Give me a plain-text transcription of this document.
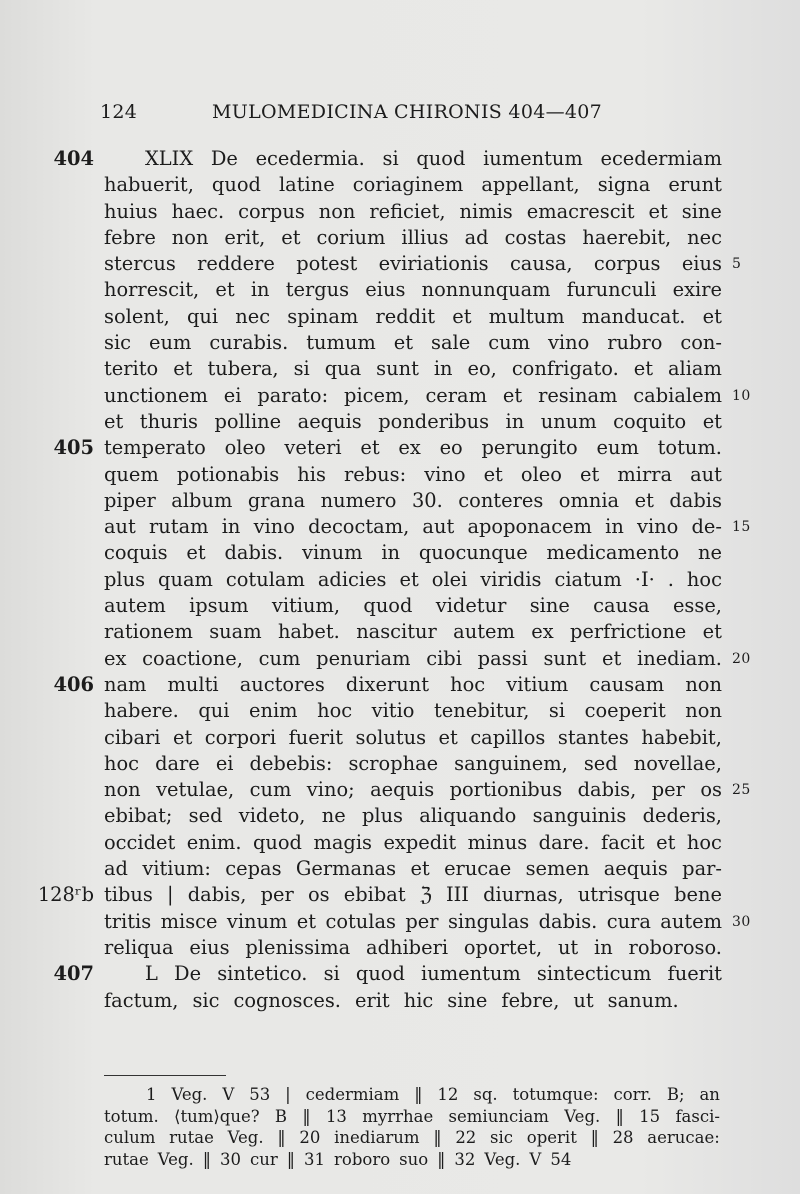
124	MULOMEDICINA CHIRONIS 404—407
404	XLIX De ecedermia. si quod iumentum ecedermiam
habuerit, quod latine coriaginem appellant, signa erunt
huius haec. corpus non reficiet, nimis emacrescit et sine
febre non erit, et corium illius ad costas haerebit, nec
stercus reddere potest eviriationis causa, corpus eius 5
horrescit, et in tergus eius nonnunquam furunculi exire
solent, qui nec spinam reddit et multum manducat. et
sic eum curabis. tumum et sale cum vino rubro con-
terito et tubera, si qua sunt in eo, confrigato. et aliam
unctionem ei parato: picem, ceram et resinam cabialem 10
et thuris polline aequis ponderibus in unum coquito et
405 temperato oleo veteri et ex eo perungito eum totum.
quem potionabis his rebus: vino et oleo et mirra aut
piper album grana numero 30. conteres omnia et dabis
aut rutam in vino decoctam, aut apoponacem in vino de- 15
coquis et dabis. vinum in quocunque medicamento ne
plus quam cotulam adicies et olei viridis ciatum ·I· . hoc
autem ipsum vitium, quod videtur sine causa esse,
rationem suam habet. nascitur autem ex perfrictione et
ex coactione, cum penuriam cibi passi sunt et inediam. 20
406 nam multi auctores dixerunt hoc vitium causam non
habere. qui enim hoc vitio tenebitur, si coeperit non
cibari et corpori fuerit solutus et capillos stantes habebit,
hoc dare ei debebis: scrophae sanguinem, sed novellae,
non vetulae, cum vino; aequis portionibus dabis, per os 25
ebibat; sed videto, ne plus aliquando sanguinis dederis,
occidet enim. quod magis expedit minus dare. facit et hoc
ad vitium: cepas Germanas et erucae semen aequis par-
128ʳb tibus | dabis, per os ebibat ℨ III diurnas, utrisque bene
tritis misce vinum et cotulas per singulas dabis. cura autem 30
reliqua eius plenissima adhiberi oportet, ut in roboroso.
407	L De sintetico. si quod iumentum sintecticum fuerit
factum, sic cognosces. erit hic sine febre, ut sanum.
1 Veg. V 53 | cedermiam ‖ 12 sq. totumque: corr. B; an
totum. ⟨tum⟩que? B ‖ 13 myrrhae semiunciam Veg. ‖ 15 fasci-
culum rutae Veg. ‖ 20 inediarum ‖ 22 sic operit ‖ 28 aerucae:
rutae Veg. ‖ 30 cur ‖ 31 roboro suo ‖ 32 Veg. V 54
